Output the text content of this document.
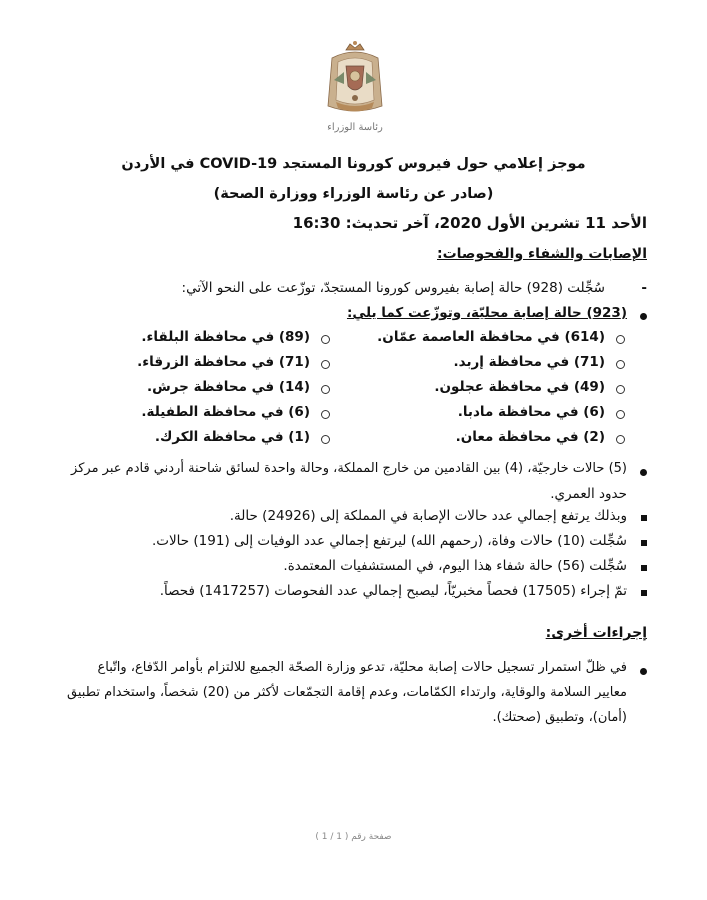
رئاسة الوزراء
موجز إعلامي حول فيروس كورونا المستجد COVID-19 في الأردن
(صادر عن رئاسة الوزراء ووزارة الصحة)
الأحد 11 تشرين الأول 2020، آخر تحديث: 16:30
الإصابات والشفاء والفحوصات:
-
سُجِّلت (928) حالة إصابة بفيروس كورونا المستجدّ، توزّعت على النحو الآتي:
(923) حالة إصابة محليّة، وتوزّعت كما يلي:
(614) في محافظة العاصمة عمّان.
(71) في محافظة إربد.
(49) في محافظة عجلون.
(6) في محافظة مادبا.
(2) في محافظة معان.
(89) في محافظة البلقاء.
(71) في محافظة الزرقاء.
(14) في محافظة جرش.
(6) في محافظة الطفيلة.
(1) في محافظة الكرك.
(5) حالات خارجيّة، (4) بين القادمين من خارج المملكة، وحالة واحدة لسائق شاحنة أردني قادم عبر مركز
حدود العمري.
وبذلك يرتفع إجمالي عدد حالات الإصابة في المملكة إلى (24926) حالة.
سُجِّلت (10) حالات وفاة، (رحمهم الله) ليرتفع إجمالي عدد الوفيات إلى (191) حالات.
سُجِّلت (56) حالة شفاء هذا اليوم، في المستشفيات المعتمدة.
تمّ إجراء (17505) فحصاً مخبريّاً، ليصبح إجمالي عدد الفحوصات (1417257) فحصاً.
إجراءات أخرى:
في ظلّ استمرار تسجيل حالات إصابة محليّة، تدعو وزارة الصحّة الجميع للالتزام بأوامر الدّفاع، واتّباع
معايير السلامة والوقاية، وارتداء الكمّامات، وعدم إقامة التجمّعات لأكثر من (20) شخصاً، واستخدام تطبيق
(أمان)، وتطبيق (صحتك).
صفحة رقم ( 1 / 1 )
